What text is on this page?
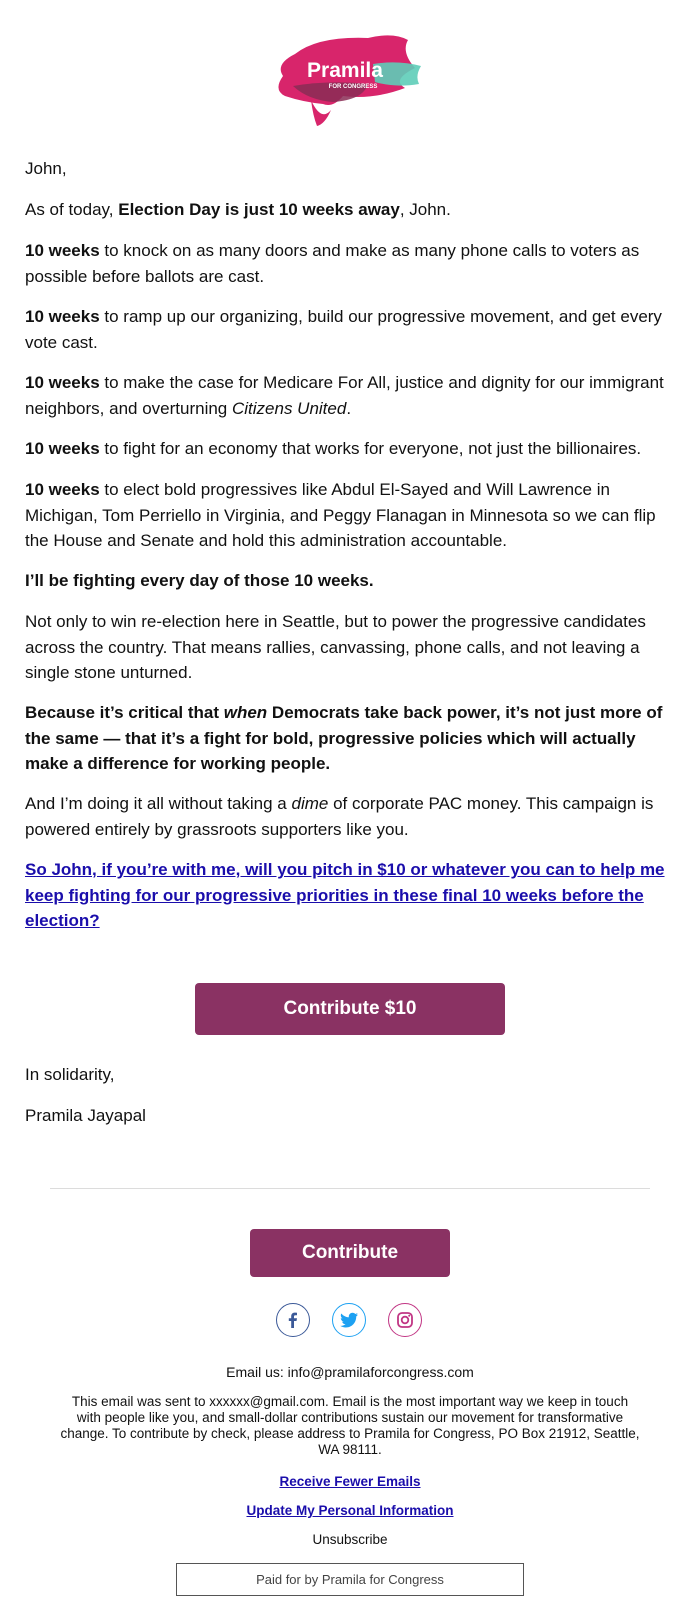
Pramila
FOR CONGRESS

John,

As of today, Election Day is just 10 weeks away, John.

10 weeks to knock on as many doors and make as many phone calls to voters as possible before ballots are cast.

10 weeks to ramp up our organizing, build our progressive movement, and get every vote cast.

10 weeks to make the case for Medicare For All, justice and dignity for our immigrant neighbors, and overturning Citizens United.

10 weeks to fight for an economy that works for everyone, not just the billionaires.

10 weeks to elect bold progressives like Abdul El-Sayed and Will Lawrence in Michigan, Tom Perriello in Virginia, and Peggy Flanagan in Minnesota so we can flip the House and Senate and hold this administration accountable.

I’ll be fighting every day of those 10 weeks.

Not only to win re-election here in Seattle, but to power the progressive candidates across the country. That means rallies, canvassing, phone calls, and not leaving a single stone unturned.

Because it’s critical that when Democrats take back power, it’s not just more of the same — that it’s a fight for bold, progressive policies which will actually make a difference for working people.

And I’m doing it all without taking a dime of corporate PAC money. This campaign is powered entirely by grassroots supporters like you.

So John, if you’re with me, will you pitch in $10 or whatever you can to help me keep fighting for our progressive priorities in these final 10 weeks before the election?

Contribute $10

In solidarity,

Pramila Jayapal

Contribute

Email us: info@pramilaforcongress.com

This email was sent to xxxxxx@gmail.com. Email is the most important way we keep in touch with people like you, and small-dollar contributions sustain our movement for transformative change. To contribute by check, please address to Pramila for Congress, PO Box 21912, Seattle, WA 98111.

Receive Fewer Emails

Update My Personal Information

Unsubscribe

Paid for by Pramila for Congress
